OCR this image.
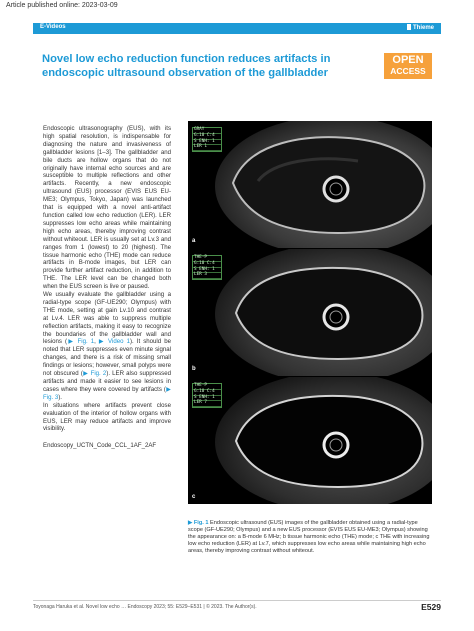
Article published online: 2023-03-09
E-Videos	Thieme
Novel low echo reduction function reduces artifacts in endoscopic ultrasound observation of the gallbladder
OPEN
ACCESS

Endoscopic ultrasonography (EUS), with its high spatial resolution, is indispensable for diagnosing the nature and invasiveness of gallbladder lesions [1–3]. The gallbladder and bile ducts are hollow organs that do not originally have internal echo sources and are susceptible to multiple reflections and other artifacts. Recently, a new endoscopic ultrasound (EUS) processor (EVIS EUS EU-ME3; Olympus, Tokyo, Japan) was launched that is equipped with a novel anti-artifact function called low echo reduction (LER). LER suppresses low echo areas while maintaining high echo areas, thereby improving contrast without whiteout. LER is usually set at Lv.3 and ranges from 1 (lowest) to 20 (highest). The tissue harmonic echo (THE) mode can reduce artifacts in B-mode images, but LER can provide further artifact reduction, in addition to THE. The LER level can be changed both when the EUS screen is live or paused.

We usually evaluate the gallbladder using a radial-type scope (GF-UE290; Olympus) with THE mode, setting at gain Lv.10 and contrast at Lv.4. LER was able to suppress multiple reflection artifacts, making it easy to recognize the boundaries of the gallbladder wall and lesions (▶ Fig. 1, ▶ Video 1). It should be noted that LER suppresses even minute signal changes, and there is a risk of missing small findings or lesions; however, small polyps were not obscured (▶ Fig. 2). LER also suppressed artifacts and made it easier to see lesions in cases where they were covered by artifacts (▶ Fig. 3).

In situations where artifacts prevent close evaluation of the interior of hollow organs with EUS, LER may reduce artifacts and improve visibility.

Endoscopy_UCTN_Code_CCL_1AF_2AF

GRAY
G:10 C:4
S ENH: 1
LER 1
a
THE-P
G:10 C:4
S ENH: 1
LER 3
b
THE-P
G:10 C:4
S ENH: 1
LER 7
c

▶ Fig. 1 Endoscopic ultrasound (EUS) images of the gallbladder obtained using a radial-type scope (GF-UE290; Olympus) and a new EUS processor (EVIS EUS EU-ME3; Olympus) showing the appearance on: a B-mode 6 MHz; b tissue harmonic echo (THE) mode; c THE with increasing low echo reduction (LER) at Lv.7, which suppresses low echo areas while maintaining high echo areas, thereby improving contrast without whiteout.

Toyonaga Haruka et al. Novel low echo … Endoscopy 2023; 55: E529–E531 | © 2023. The Author(s).	E529
